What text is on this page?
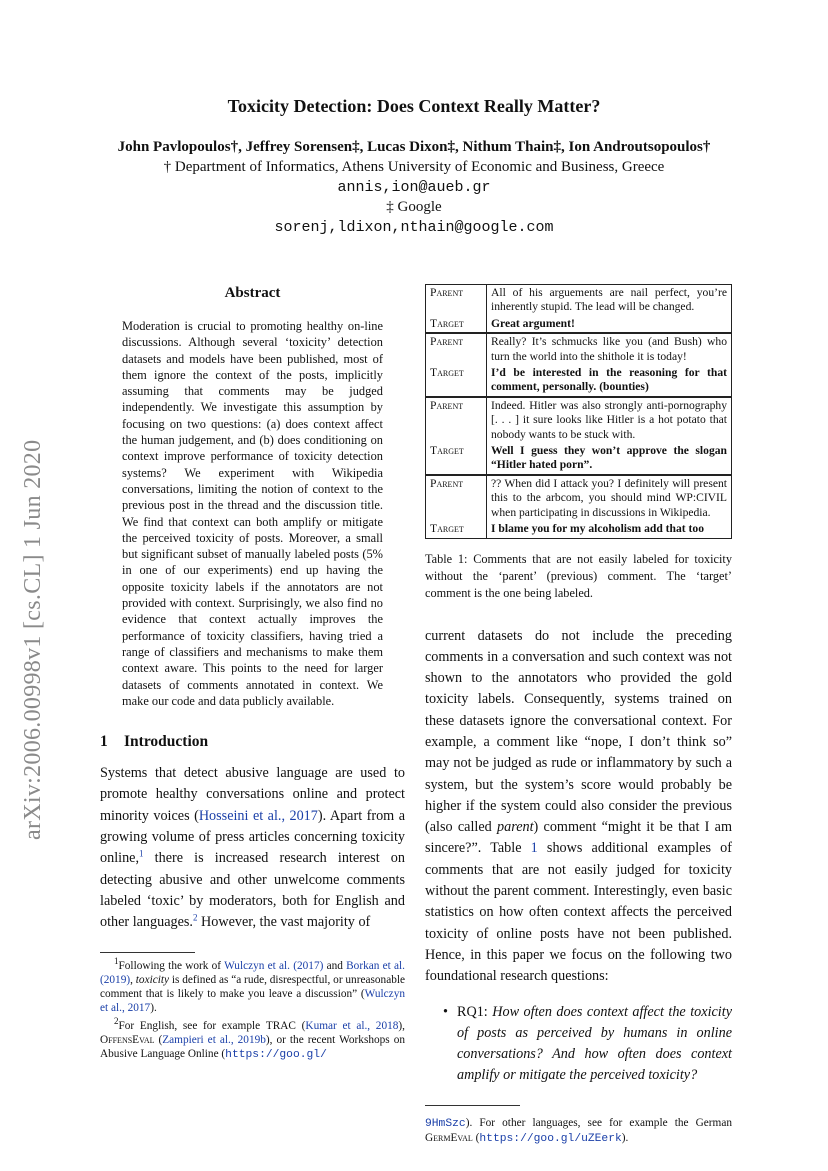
arXiv:2006.00998v1 [cs.CL] 1 Jun 2020
Toxicity Detection: Does Context Really Matter?

John Pavlopoulos†, Jeffrey Sorensen‡, Lucas Dixon‡, Nithum Thain‡, Ion Androutsopoulos†

† Department of Informatics, Athens University of Economic and Business, Greece

annis,ion@aueb.gr

‡ Google

sorenj,ldixon,nthain@google.com

Abstract

Moderation is crucial to promoting healthy on-line discussions. Although several ‘toxicity’ detection datasets and models have been published, most of them ignore the context of the posts, implicitly assuming that comments may be judged independently. We investigate this assumption by focusing on two questions: (a) does context affect the human judgement, and (b) does conditioning on context improve performance of toxicity detection systems? We experiment with Wikipedia conversations, limiting the notion of context to the previous post in the thread and the discussion title. We find that context can both amplify or mitigate the perceived toxicity of posts. Moreover, a small but significant subset of manually labeled posts (5% in one of our experiments) end up having the opposite toxicity labels if the annotators are not provided with context. Surprisingly, we also find no evidence that context actually improves the performance of toxicity classifiers, having tried a range of classifiers and mechanisms to make them context aware. This points to the need for larger datasets of comments annotated in context. We make our code and data publicly available.

1 Introduction

Systems that detect abusive language are used to promote healthy conversations online and protect minority voices (Hosseini et al., 2017). Apart from a growing volume of press articles concerning toxicity online,$^1$ there is increased research interest on detecting abusive and other unwelcome comments labeled ‘toxic’ by moderators, both for English and other languages.$^2$ However, the vast majority of

$^1$Following the work of Wulczyn et al. (2017) and Borkan et al. (2019), toxicity is defined as “a rude, disrespectful, or unreasonable comment that is likely to make you leave a discussion” (Wulczyn et al., 2017).

$^2$For English, see for example TRAC (Kumar et al., 2018), OffensEval (Zampieri et al., 2019b), or the recent Workshops on Abusive Language Online (https://goo.gl/

Parent	All of his arguements are nail perfect, you’re inherently stupid. The lead will be changed.
Target	Great argument!
Parent	Really? It’s schmucks like you (and Bush) who turn the world into the shithole it is today!
Target	I’d be interested in the reasoning for that comment, personally. (bounties)
Parent	Indeed. Hitler was also strongly anti-pornography [. . . ] it sure looks like Hitler is a hot potato that nobody wants to be stuck with.
Target	Well I guess they won’t approve the slogan “Hitler hated porn”.
Parent	?? When did I attack you? I definitely will present this to the arbcom, you should mind WP:CIVIL when participating in discussions in Wikipedia.
Target	I blame you for my alcoholism add that too

Table 1: Comments that are not easily labeled for toxicity without the ‘parent’ (previous) comment. The ‘target’ comment is the one being labeled.

current datasets do not include the preceding comments in a conversation and such context was not shown to the annotators who provided the gold toxicity labels. Consequently, systems trained on these datasets ignore the conversational context. For example, a comment like “nope, I don’t think so” may not be judged as rude or inflammatory by such a system, but the system’s score would probably be higher if the system could also consider the previous (also called parent) comment “might it be that I am sincere?”. Table 1 shows additional examples of comments that are not easily judged for toxicity without the parent comment. Interestingly, even basic statistics on how often context affects the perceived toxicity of online posts have not been published. Hence, in this paper we focus on the following two foundational research questions:

• RQ1: How often does context affect the toxicity of posts as perceived by humans in online conversations? And how often does context amplify or mitigate the perceived toxicity?

9HmSzc). For other languages, see for example the German GermEval (https://goo.gl/uZEerk).
